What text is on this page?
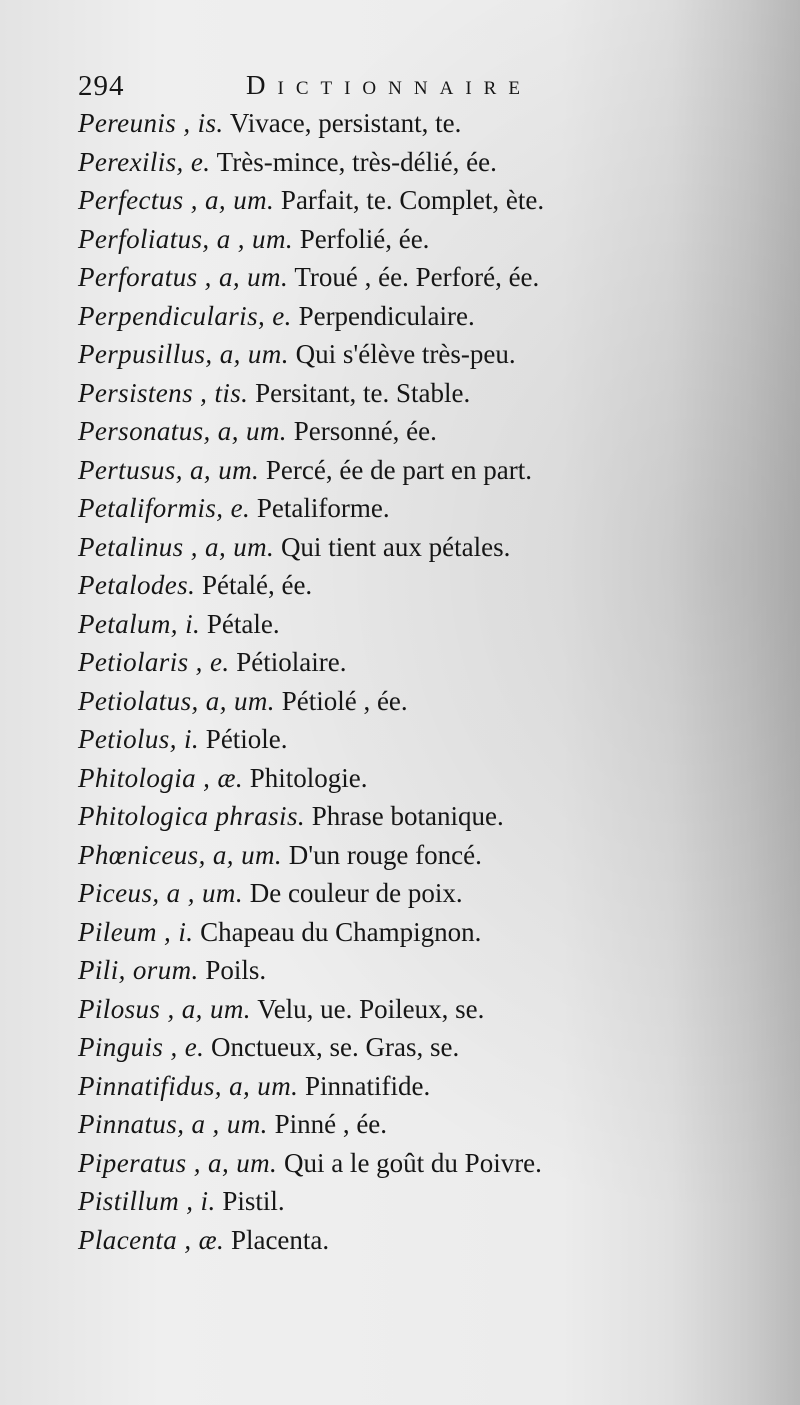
294	Dictionnaire
Pereunis , is. Vivace, persistant, te.
Perexilis, e. Très-mince, très-délié, ée.
Perfectus , a, um. Parfait, te. Complet, ète.
Perfoliatus, a , um. Perfolié, ée.
Perforatus , a, um. Troué , ée. Perforé, ée.
Perpendicularis, e. Perpendiculaire.
Perpusillus, a, um. Qui s'élève très-peu.
Persistens , tis. Persitant, te. Stable.
Personatus, a, um. Personné, ée.
Pertusus, a, um. Percé, ée de part en part.
Petaliformis, e. Petaliforme.
Petalinus , a, um. Qui tient aux pétales.
Petalodes. Pétalé, ée.
Petalum, i. Pétale.
Petiolaris , e. Pétiolaire.
Petiolatus, a, um. Pétiolé , ée.
Petiolus, i. Pétiole.
Phitologia , æ. Phitologie.
Phitologica phrasis. Phrase botanique.
Phœniceus, a, um. D'un rouge foncé.
Piceus, a , um. De couleur de poix.
Pileum , i. Chapeau du Champignon.
Pili, orum. Poils.
Pilosus , a, um. Velu, ue. Poileux, se.
Pinguis , e. Onctueux, se. Gras, se.
Pinnatifidus, a, um. Pinnatifide.
Pinnatus, a , um. Pinné , ée.
Piperatus , a, um. Qui a le goût du Poivre.
Pistillum , i. Pistil.
Placenta , æ. Placenta.
